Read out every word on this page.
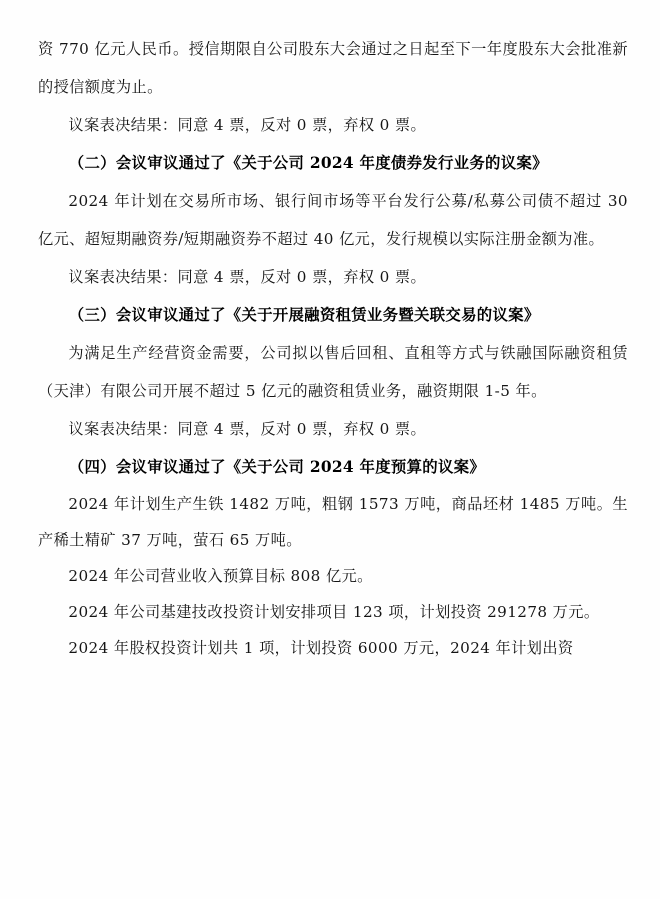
资 770 亿元人民币。授信期限自公司股东大会通过之日起至下一年度股东大会批准新的授信额度为止。

议案表决结果：同意 4 票，反对 0 票，弃权 0 票。

（二）会议审议通过了《关于公司 2024 年度债券发行业务的议案》

2024 年计划在交易所市场、银行间市场等平台发行公募/私募公司债不超过 30 亿元、超短期融资券/短期融资券不超过 40 亿元，发行规模以实际注册金额为准。

议案表决结果：同意 4 票，反对 0 票，弃权 0 票。

（三）会议审议通过了《关于开展融资租赁业务暨关联交易的议案》

为满足生产经营资金需要，公司拟以售后回租、直租等方式与铁融国际融资租赁（天津）有限公司开展不超过 5 亿元的融资租赁业务，融资期限 1-5 年。

议案表决结果：同意 4 票，反对 0 票，弃权 0 票。

（四）会议审议通过了《关于公司 2024 年度预算的议案》

2024 年计划生产生铁 1482 万吨，粗钢 1573 万吨，商品坯材 1485 万吨。生产稀土精矿 37 万吨，萤石 65 万吨。

2024 年公司营业收入预算目标 808 亿元。

2024 年公司基建技改投资计划安排项目 123 项，计划投资 291278 万元。

2024 年股权投资计划共 1 项，计划投资 6000 万元，2024 年计划出资
